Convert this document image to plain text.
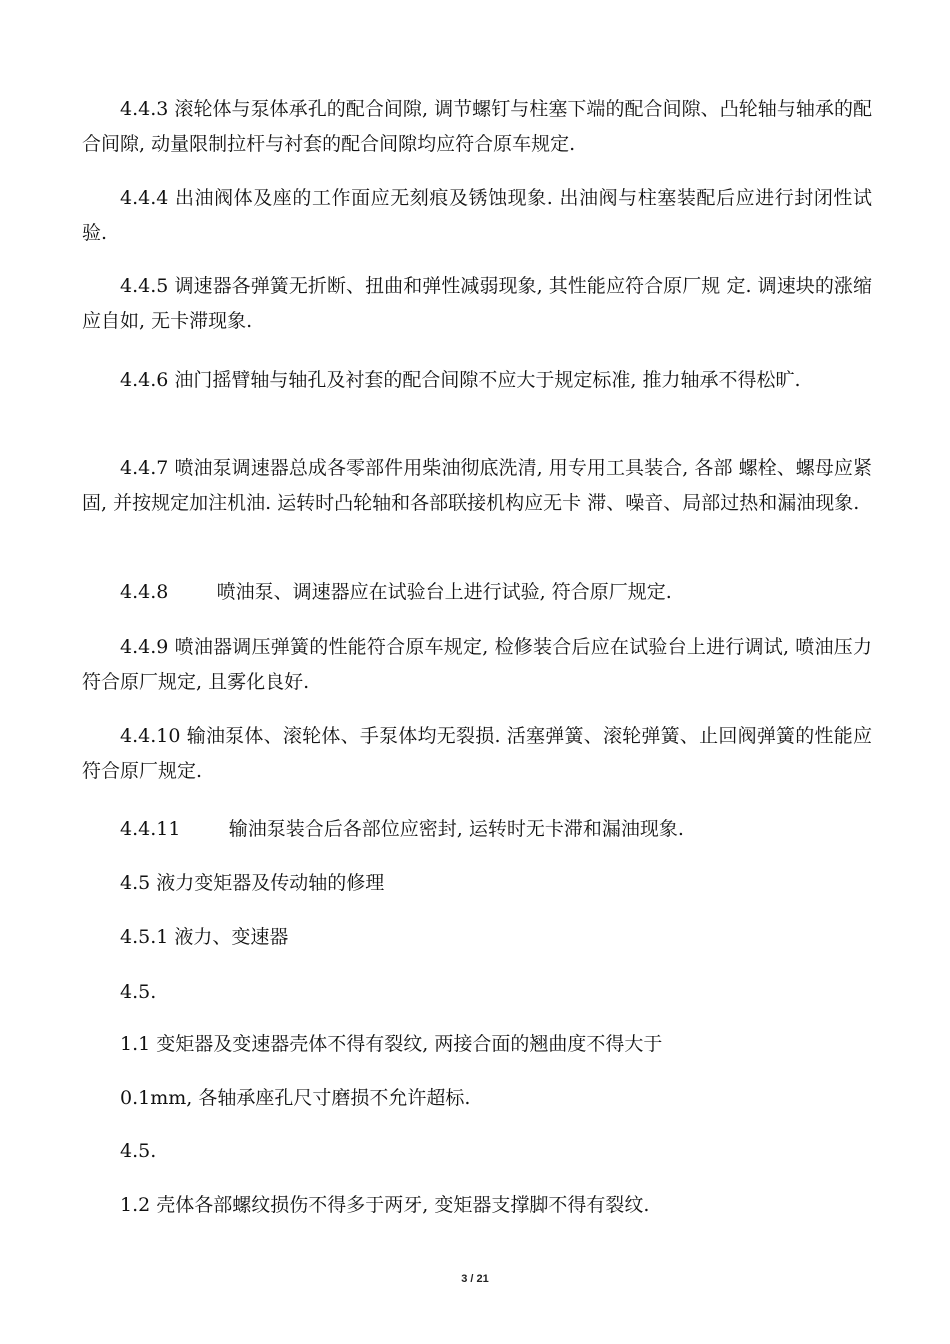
4.4.3 滚轮体与泵体承孔的配合间隙, 调节螺钉与柱塞下端的配合间隙、凸轮轴与轴承的配合间隙, 动量限制拉杆与衬套的配合间隙均应符合原车规定.

4.4.4 出油阀体及座的工作面应无刻痕及锈蚀现象. 出油阀与柱塞装配后应进行封闭性试验.

4.4.5 调速器各弹簧无折断、扭曲和弹性减弱现象, 其性能应符合原厂规 定. 调速块的涨缩应自如, 无卡滞现象.

4.4.6 油门摇臂轴与轴孔及衬套的配合间隙不应大于规定标准, 推力轴承不得松旷.

4.4.7 喷油泵调速器总成各零部件用柴油彻底洗清, 用专用工具装合, 各部 螺栓、螺母应紧固, 并按规定加注机油. 运转时凸轮轴和各部联接机构应无卡 滞、噪音、局部过热和漏油现象.

4.4.8        喷油泵、调速器应在试验台上进行试验, 符合原厂规定.

4.4.9 喷油器调压弹簧的性能符合原车规定, 检修装合后应在试验台上进行调试, 喷油压力符合原厂规定, 且雾化良好.

4.4.10 输油泵体、滚轮体、手泵体均无裂损. 活塞弹簧、滚轮弹簧、止回阀弹簧的性能应符合原厂规定.

4.4.11        输油泵装合后各部位应密封, 运转时无卡滞和漏油现象.

4.5 液力变矩器及传动轴的修理

4.5.1 液力、变速器

4.5.

1.1 变矩器及变速器壳体不得有裂纹, 两接合面的翘曲度不得大于

0.1mm, 各轴承座孔尺寸磨损不允许超标.

4.5.

1.2 壳体各部螺纹损伤不得多于两牙, 变矩器支撑脚不得有裂纹.

3 / 21
